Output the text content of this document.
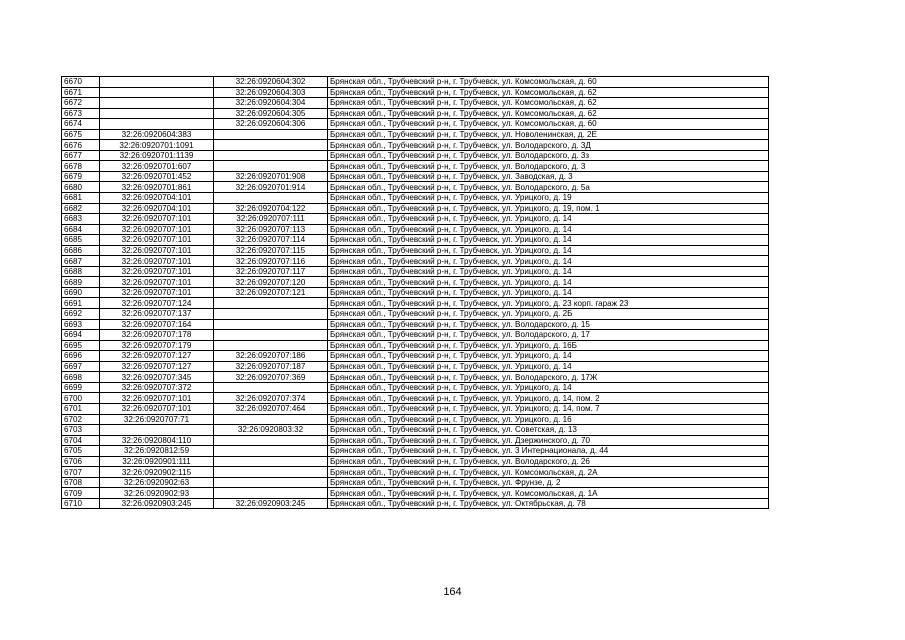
6670		32:26:0920604:302	Брянская обл., Трубчевский р-н, г. Трубчевск, ул. Комсомольская, д. 60
6671		32:26:0920604:303	Брянская обл., Трубчевский р-н, г. Трубчевск, ул. Комсомольская, д. 62
6672		32:26:0920604:304	Брянская обл., Трубчевский р-н, г. Трубчевск, ул. Комсомольская, д. 62
6673		32:26:0920604:305	Брянская обл., Трубчевский р-н, г. Трубчевск, ул. Комсомольская, д. 62
6674		32:26:0920604:306	Брянская обл., Трубчевский р-н, г. Трубчевск, ул. Комсомольская, д. 60
6675	32:26:0920604:383		Брянская обл., Трубчевский р-н, г. Трубчевск, ул. Новоленинская, д. 2Е
6676	32:26:0920701:1091		Брянская обл., Трубчевский р-н, г. Трубчевск, ул. Володарского, д. 3Д
6677	32:26:0920701:1139		Брянская обл., Трубчевский р-н, г. Трубчевск, ул. Володарского, д. 3з
6678	32:26:0920701:607		Брянская обл., Трубчевский р-н, г. Трубчевск, ул. Володарского, д. 3
6679	32:26:0920701:452	32:26:0920701:908	Брянская обл., Трубчевский р-н, г. Трубчевск, ул. Заводская, д. 3
6680	32:26:0920701:861	32:26:0920701:914	Брянская обл., Трубчевский р-н, г. Трубчевск, ул. Володарского, д. 5а
6681	32:26:0920704:101		Брянская обл., Трубчевский р-н, г. Трубчевск, ул. Урицкого, д. 19
6682	32:26:0920704:101	32:26:0920704:122	Брянская обл., Трубчевский р-н, г. Трубчевск, ул. Урицкого, д. 19, пом. 1
6683	32:26:0920707:101	32:26:0920707:111	Брянская обл., Трубчевский р-н, г. Трубчевск, ул. Урицкого, д. 14
6684	32:26:0920707:101	32:26:0920707:113	Брянская обл., Трубчевский р-н, г. Трубчевск, ул. Урицкого, д. 14
6685	32:26:0920707:101	32:26:0920707:114	Брянская обл., Трубчевский р-н, г. Трубчевск, ул. Урицкого, д. 14
6686	32:26:0920707:101	32:26:0920707:115	Брянская обл., Трубчевский р-н, г. Трубчевск, ул. Урицкого, д. 14
6687	32:26:0920707:101	32:26:0920707:116	Брянская обл., Трубчевский р-н, г. Трубчевск, ул. Урицкого, д. 14
6688	32:26:0920707:101	32:26:0920707:117	Брянская обл., Трубчевский р-н, г. Трубчевск, ул. Урицкого, д. 14
6689	32:26:0920707:101	32:26:0920707:120	Брянская обл., Трубчевский р-н, г. Трубчевск, ул. Урицкого, д. 14
6690	32:26:0920707:101	32:26:0920707:121	Брянская обл., Трубчевский р-н, г. Трубчевск, ул. Урицкого, д. 14
6691	32:26:0920707:124		Брянская обл., Трубчевский р-н, г. Трубчевск, ул. Урицкого, д. 23 корп. гараж 23
6692	32:26:0920707:137		Брянская обл., Трубчевский р-н, г. Трубчевск, ул. Урицкого, д. 2Б
6693	32:26:0920707:164		Брянская обл., Трубчевский р-н, г. Трубчевск, ул. Володарского, д. 15
6694	32:26:0920707:178		Брянская обл., Трубчевский р-н, г. Трубчевск, ул. Володарского, д. 17
6695	32:26:0920707:179		Брянская обл., Трубчевский р-н, г. Трубчевск, ул. Урицкого, д. 16Б
6696	32:26:0920707:127	32:26:0920707:186	Брянская обл., Трубчевский р-н, г. Трубчевск, ул. Урицкого, д. 14
6697	32:26:0920707:127	32:26:0920707:187	Брянская обл., Трубчевский р-н, г. Трубчевск, ул. Урицкого, д. 14
6698	32:26:0920707:345	32:26:0920707:369	Брянская обл., Трубчевский р-н, г. Трубчевск, ул. Володарского, д. 17Ж
6699	32:26:0920707:372		Брянская обл., Трубчевский р-н, г. Трубчевск, ул. Урицкого, д. 14
6700	32:26:0920707:101	32:26:0920707:374	Брянская обл., Трубчевский р-н, г. Трубчевск, ул. Урицкого, д. 14, пом. 2
6701	32:26:0920707:101	32:26:0920707:464	Брянская обл., Трубчевский р-н, г. Трубчевск, ул. Урицкого, д. 14, пом. 7
6702	32:26:0920707:71		Брянская обл., Трубчевский р-н, г. Трубчевск, ул. Урицкого, д. 16
6703		32:26:0920803:32	Брянская обл., Трубчевский р-н, г. Трубчевск, ул. Советская, д. 13
6704	32:26:0920804:110		Брянская обл., Трубчевский р-н, г. Трубчевск, ул. Дзержинского, д. 70
6705	32:26:0920812:59		Брянская обл., Трубчевский р-н, г. Трубчевск, ул. 3 Интернационала, д. 44
6706	32:26:0920901:111		Брянская обл., Трубчевский р-н, г. Трубчевск, ул. Володарского, д. 26
6707	32:26:0920902:115		Брянская обл., Трубчевский р-н, г. Трубчевск, ул. Комсомольская, д. 2А
6708	32:26:0920902:63		Брянская обл., Трубчевский р-н, г. Трубчевск, ул. Фрунзе, д. 2
6709	32:26:0920902:93		Брянская обл., Трубчевский р-н, г. Трубчевск, ул. Комсомольская, д. 1А
6710	32:26:0920903:245	32:26:0920903:245	Брянская обл., Трубчевский р-н, г. Трубчевск, ул. Октябрьская, д. 78
164
